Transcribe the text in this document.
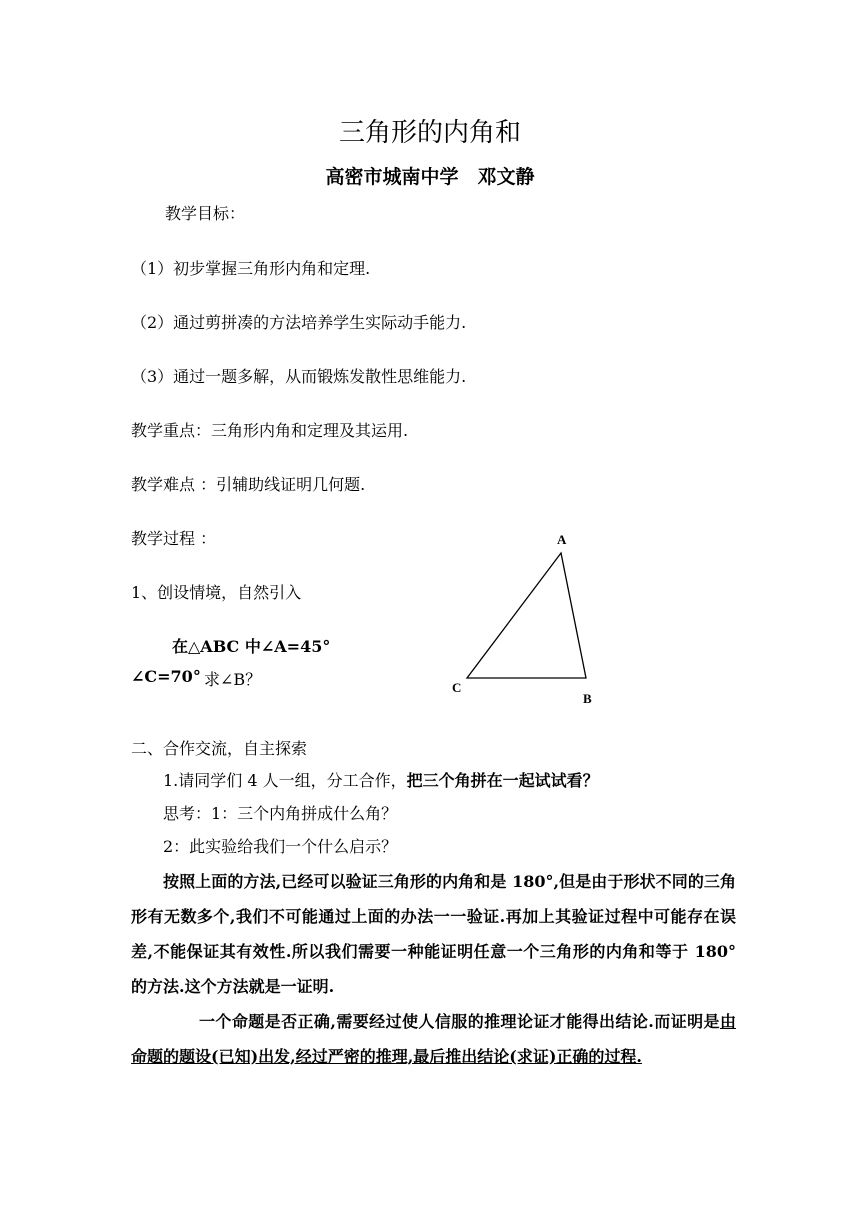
三角形的内角和
高密市城南中学　邓文静
教学目标：
（1）初步掌握三角形内角和定理.
（2）通过剪拼凑的方法培养学生实际动手能力.
（3）通过一题多解，从而锻炼发散性思维能力.
教学重点：三角形内角和定理及其运用.
教学难点 ：引辅助线证明几何题.
教学过程 ：
1、创设情境，自然引入
在△ABC 中∠A=45°
∠C=70° 求∠B？
A
B
C
二、合作交流，自主探索
1.请同学们 4 人一组，分工合作，把三个角拼在一起试试看？
思考：1：三个内角拼成什么角？
2：此实验给我们一个什么启示？
按照上面的方法,已经可以验证三角形的内角和是 180°,但是由于形状不同的三角形有无数多个,我们不可能通过上面的办法一一验证.再加上其验证过程中可能存在误差,不能保证其有效性.所以我们需要一种能证明任意一个三角形的内角和等于 180° 的方法.这个方法就是一证明.
一个命题是否正确,需要经过使人信服的推理论证才能得出结论.而证明是由命题的题设(已知)出发,经过严密的推理,最后推出结论(求证)正确的过程.
